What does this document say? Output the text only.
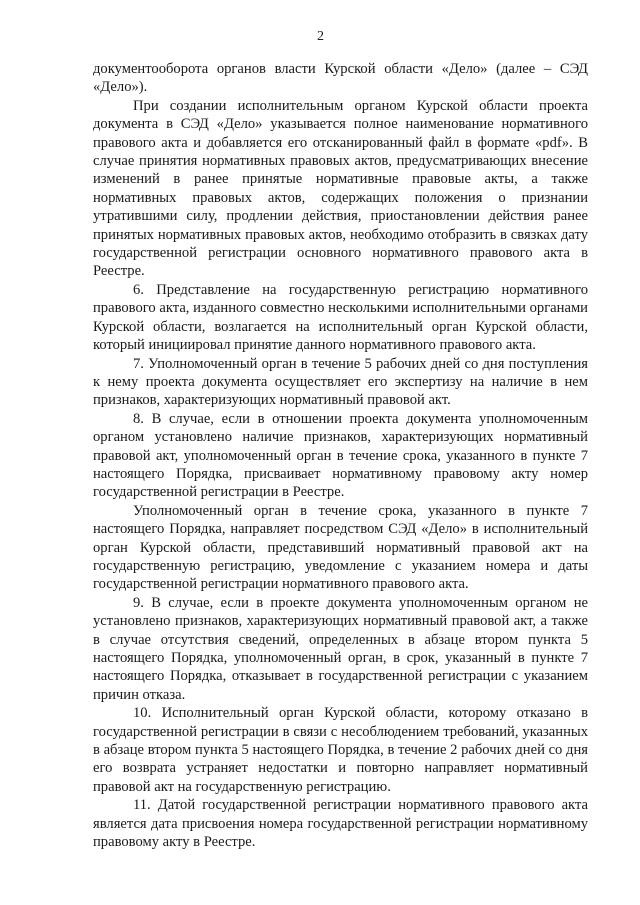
2

документооборота органов власти Курской области «Дело» (далее – СЭД «Дело»).

При создании исполнительным органом Курской области проекта документа в СЭД «Дело» указывается полное наименование нормативного правового акта и добавляется его отсканированный файл в формате «pdf». В случае принятия нормативных правовых актов, предусматривающих внесение изменений в ранее принятые нормативные правовые акты, а также нормативных правовых актов, содержащих положения о признании утратившими силу, продлении действия, приостановлении действия ранее принятых нормативных правовых актов, необходимо отобразить в связках дату государственной регистрации основного нормативного правового акта в Реестре.

6. Представление на государственную регистрацию нормативного правового акта, изданного совместно несколькими исполнительными органами Курской области, возлагается на исполнительный орган Курской области, который инициировал принятие данного нормативного правового акта.

7. Уполномоченный орган в течение 5 рабочих дней со дня поступления к нему проекта документа осуществляет его экспертизу на наличие в нем признаков, характеризующих нормативный правовой акт.

8. В случае, если в отношении проекта документа уполномоченным органом установлено наличие признаков, характеризующих нормативный правовой акт, уполномоченный орган в течение срока, указанного в пункте 7 настоящего Порядка, присваивает нормативному правовому акту номер государственной регистрации в Реестре.

Уполномоченный орган в течение срока, указанного в пункте 7 настоящего Порядка, направляет посредством СЭД «Дело» в исполнительный орган Курской области, представивший нормативный правовой акт на государственную регистрацию, уведомление с указанием номера и даты государственной регистрации нормативного правового акта.

9. В случае, если в проекте документа уполномоченным органом не установлено признаков, характеризующих нормативный правовой акт, а также в случае отсутствия сведений, определенных в абзаце втором пункта 5 настоящего Порядка, уполномоченный орган, в срок, указанный в пункте 7 настоящего Порядка, отказывает в государственной регистрации с указанием причин отказа.

10. Исполнительный орган Курской области, которому отказано в государственной регистрации в связи с несоблюдением требований, указанных в абзаце втором пункта 5 настоящего Порядка, в течение 2 рабочих дней со дня его возврата устраняет недостатки и повторно направляет нормативный правовой акт на государственную регистрацию.

11. Датой государственной регистрации нормативного правового акта является дата присвоения номера государственной регистрации нормативному правовому акту в Реестре.
